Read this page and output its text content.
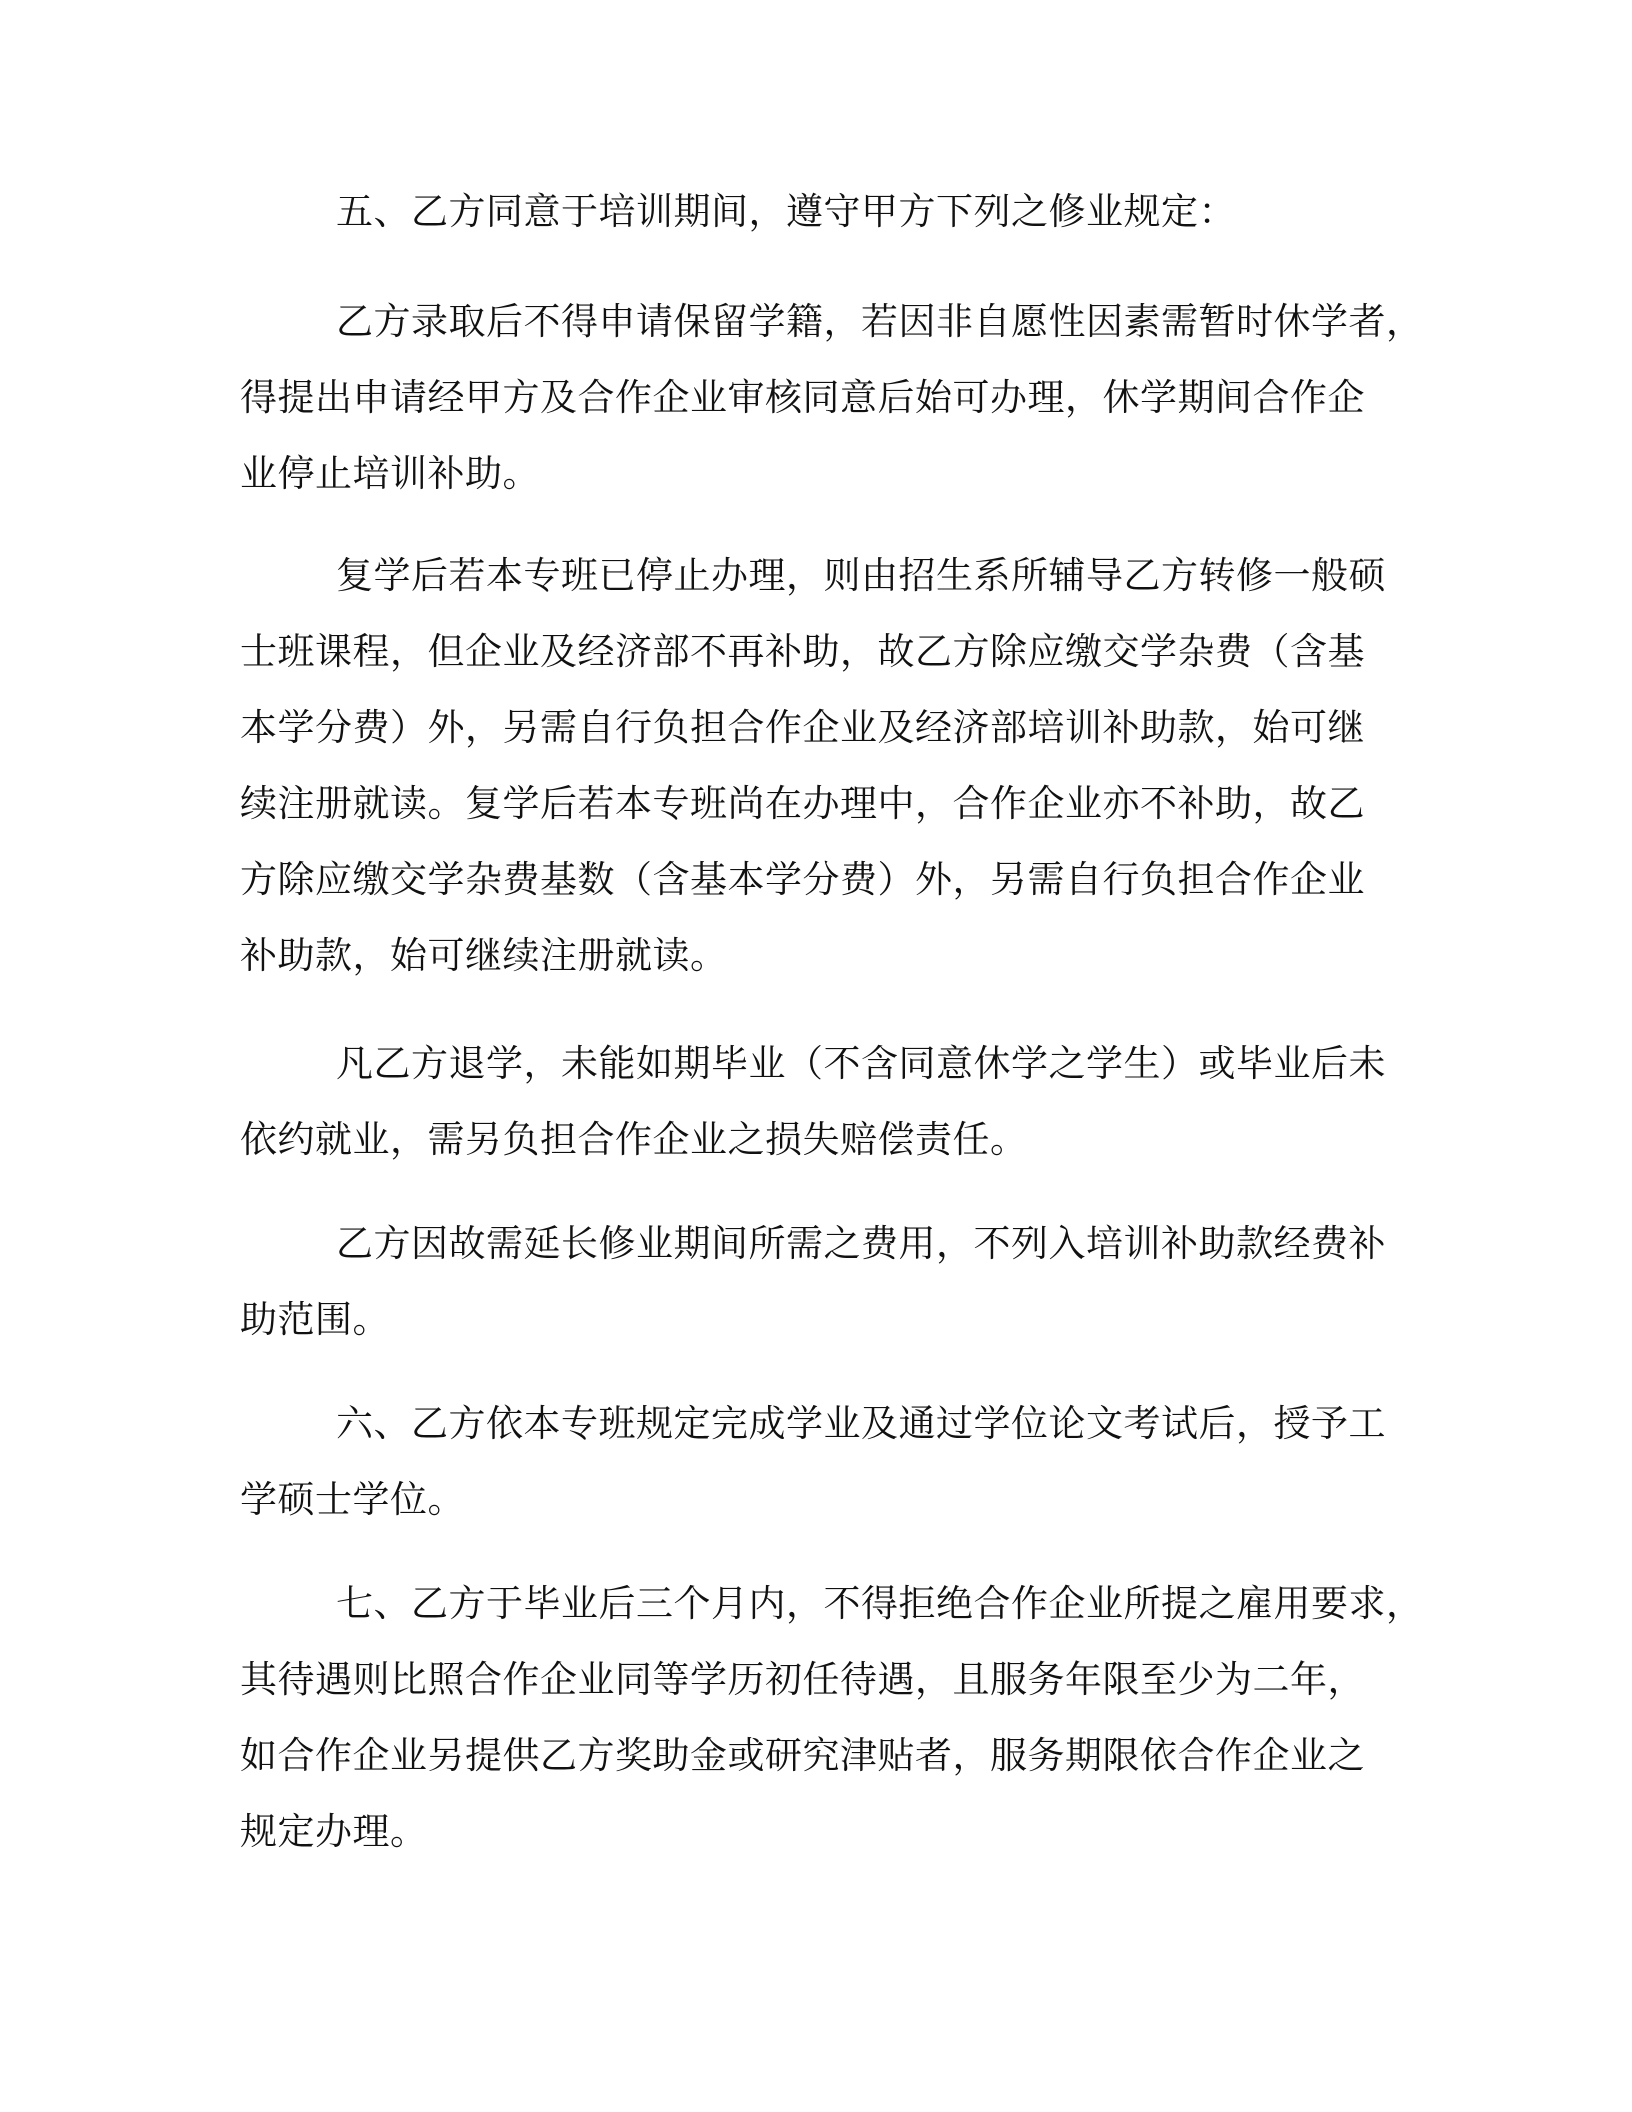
五、乙方同意于培训期间，遵守甲方下列之修业规定：

乙方录取后不得申请保留学籍，若因非自愿性因素需暂时休学者，

得提出申请经甲方及合作企业审核同意后始可办理，休学期间合作企

业停止培训补助。

复学后若本专班已停止办理，则由招生系所辅导乙方转修一般硕

士班课程，但企业及经济部不再补助，故乙方除应缴交学杂费（含基

本学分费）外，另需自行负担合作企业及经济部培训补助款，始可继

续注册就读。复学后若本专班尚在办理中，合作企业亦不补助，故乙

方除应缴交学杂费基数（含基本学分费）外，另需自行负担合作企业

补助款，始可继续注册就读。

凡乙方退学，未能如期毕业（不含同意休学之学生）或毕业后未

依约就业，需另负担合作企业之损失赔偿责任。

乙方因故需延长修业期间所需之费用，不列入培训补助款经费补

助范围。

六、乙方依本专班规定完成学业及通过学位论文考试后，授予工

学硕士学位。

七、乙方于毕业后三个月内，不得拒绝合作企业所提之雇用要求，

其待遇则比照合作企业同等学历初任待遇，且服务年限至少为二年，

如合作企业另提供乙方奖助金或研究津贴者，服务期限依合作企业之

规定办理。
